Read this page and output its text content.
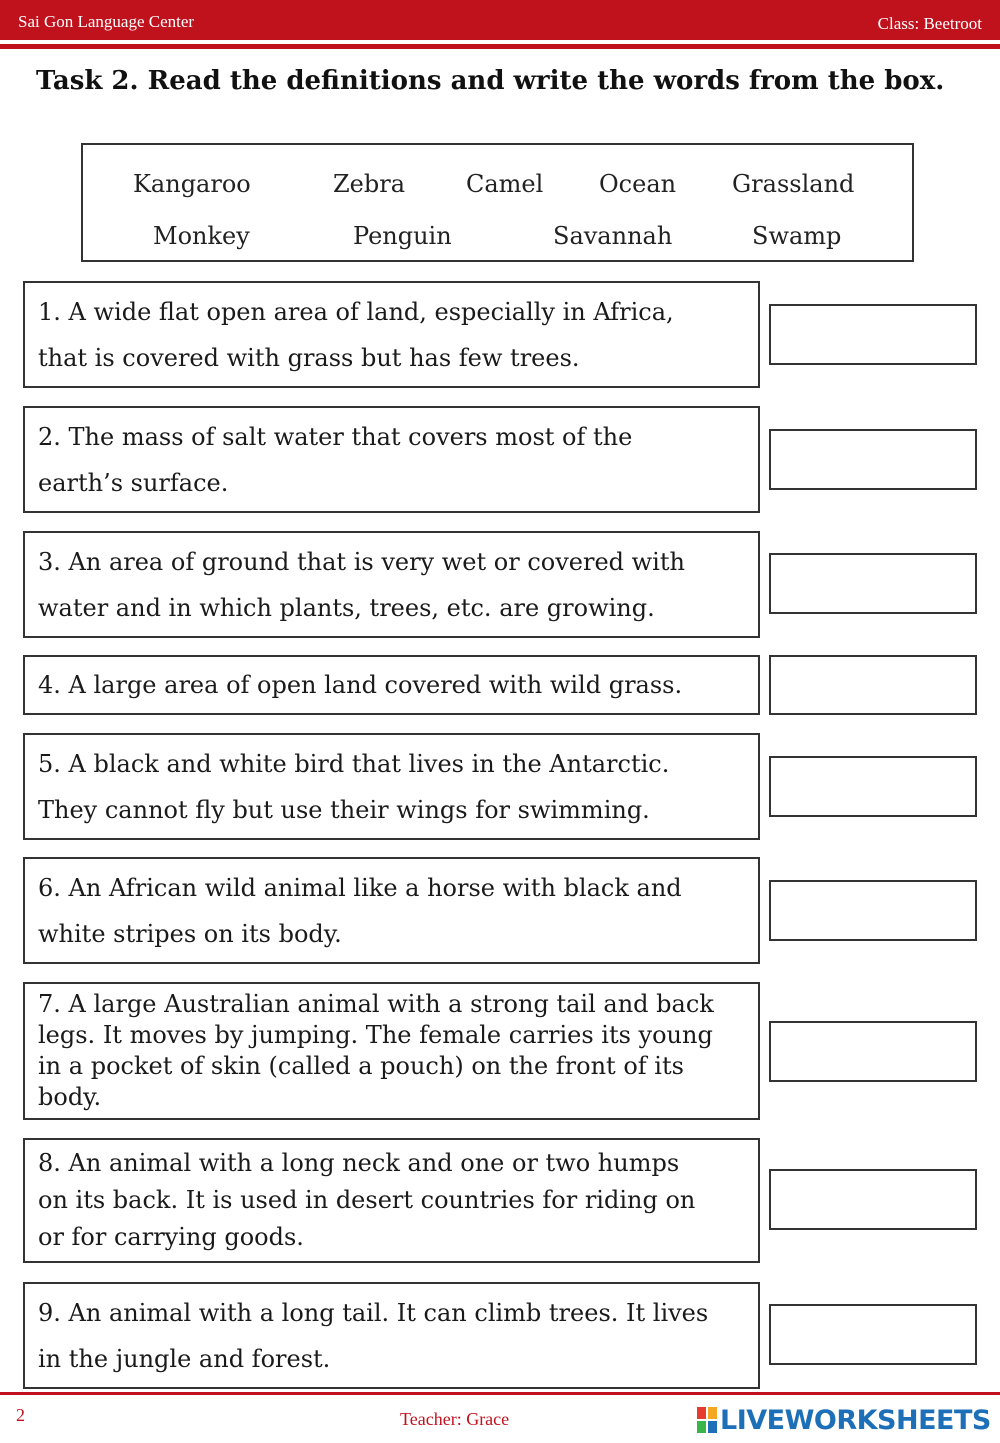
Sai Gon Language Center	Class: Beetroot
Task 2. Read the definitions and write the words from the box.
Kangaroo	Zebra	Camel Ocean Grassland
Monkey	Penguin	Savannah	Swamp
1. A wide flat open area of land, especially in Africa,
that is covered with grass but has few trees.
2. The mass of salt water that covers most of the
earth’s surface.
3. An area of ground that is very wet or covered with
water and in which plants, trees, etc. are growing.
4. A large area of open land covered with wild grass.
5. A black and white bird that lives in the Antarctic.
They cannot fly but use their wings for swimming.
6. An African wild animal like a horse with black and
white stripes on its body.
7. A large Australian animal with a strong tail and back
legs. It moves by jumping. The female carries its young
in a pocket of skin (called a pouch) on the front of its
body.
8. An animal with a long neck and one or two humps
on its back. It is used in desert countries for riding on
or for carrying goods.
9. An animal with a long tail. It can climb trees. It lives
in the jungle and forest.
2	Teacher: Grace	LIVEWORKSHEETS
